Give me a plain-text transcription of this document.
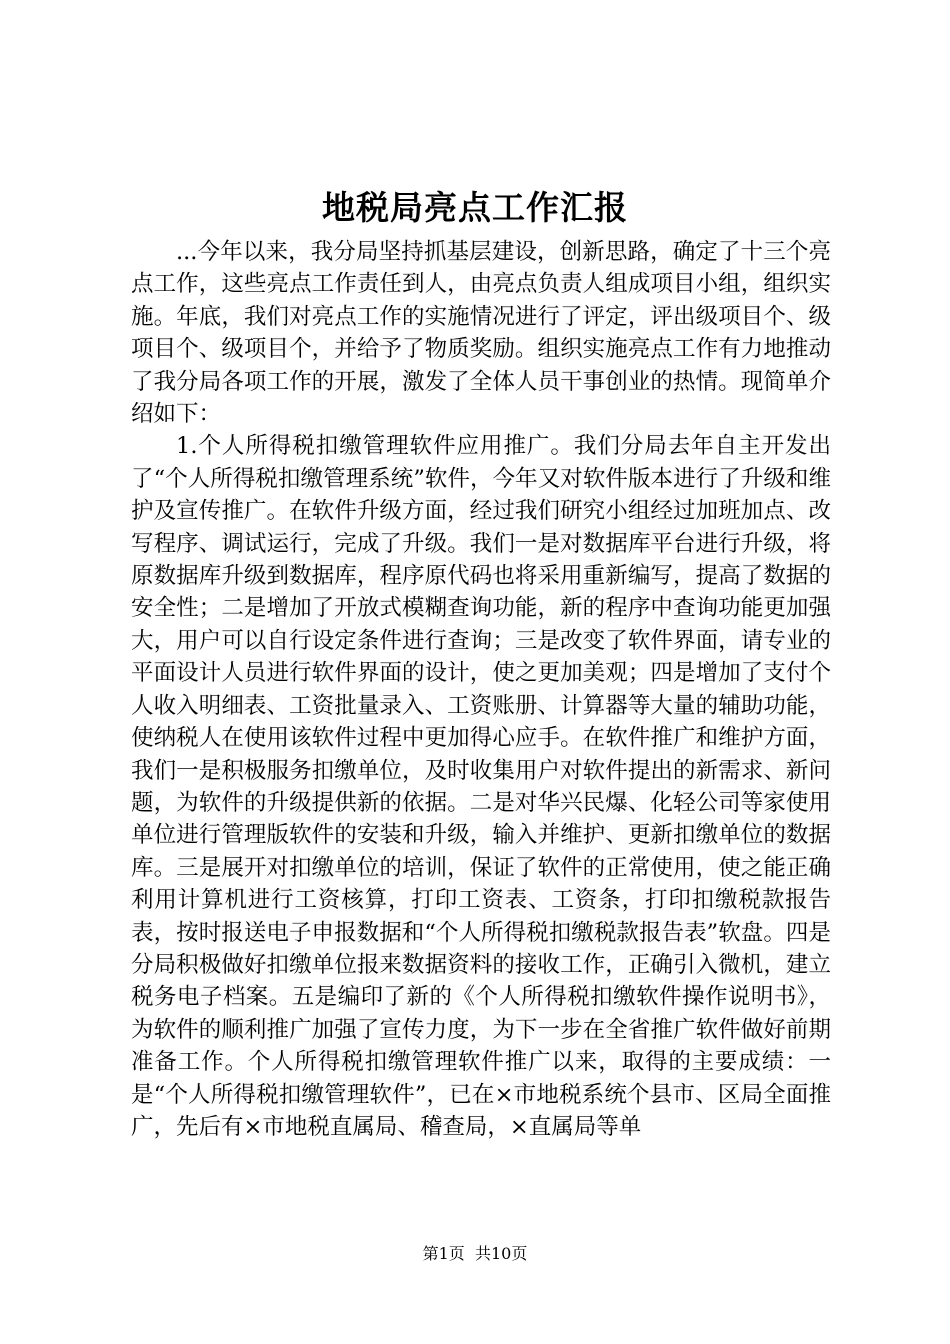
地税局亮点工作汇报

...今年以来，我分局坚持抓基层建设，创新思路，确定了十三个亮点工作，这些亮点工作责任到人，由亮点负责人组成项目小组，组织实施。年底，我们对亮点工作的实施情况进行了评定，评出级项目个、级项目个、级项目个，并给予了物质奖励。组织实施亮点工作有力地推动了我分局各项工作的开展，激发了全体人员干事创业的热情。现简单介绍如下：

1.个人所得税扣缴管理软件应用推广。我们分局去年自主开发出了“个人所得税扣缴管理系统”软件，今年又对软件版本进行了升级和维护及宣传推广。在软件升级方面，经过我们研究小组经过加班加点、改写程序、调试运行，完成了升级。我们一是对数据库平台进行升级，将原数据库升级到数据库，程序原代码也将采用重新编写，提高了数据的安全性；二是增加了开放式模糊查询功能，新的程序中查询功能更加强大，用户可以自行设定条件进行查询；三是改变了软件界面，请专业的平面设计人员进行软件界面的设计，使之更加美观；四是增加了支付个人收入明细表、工资批量录入、工资账册、计算器等大量的辅助功能，使纳税人在使用该软件过程中更加得心应手。在软件推广和维护方面，我们一是积极服务扣缴单位，及时收集用户对软件提出的新需求、新问题，为软件的升级提供新的依据。二是对华兴民爆、化轻公司等家使用单位进行管理版软件的安装和升级，输入并维护、更新扣缴单位的数据库。三是展开对扣缴单位的培训，保证了软件的正常使用，使之能正确利用计算机进行工资核算，打印工资表、工资条，打印扣缴税款报告表，按时报送电子申报数据和“个人所得税扣缴税款报告表”软盘。四是分局积极做好扣缴单位报来数据资料的接收工作，正确引入微机，建立税务电子档案。五是编印了新的《个人所得税扣缴软件操作说明书》，为软件的顺利推广加强了宣传力度，为下一步在全省推广软件做好前期准备工作。个人所得税扣缴管理软件推广以来，取得的主要成绩：一是“个人所得税扣缴管理软件”，已在×市地税系统个县市、区局全面推广，先后有×市地税直属局、稽查局，×直属局等单

第1页 共10页
